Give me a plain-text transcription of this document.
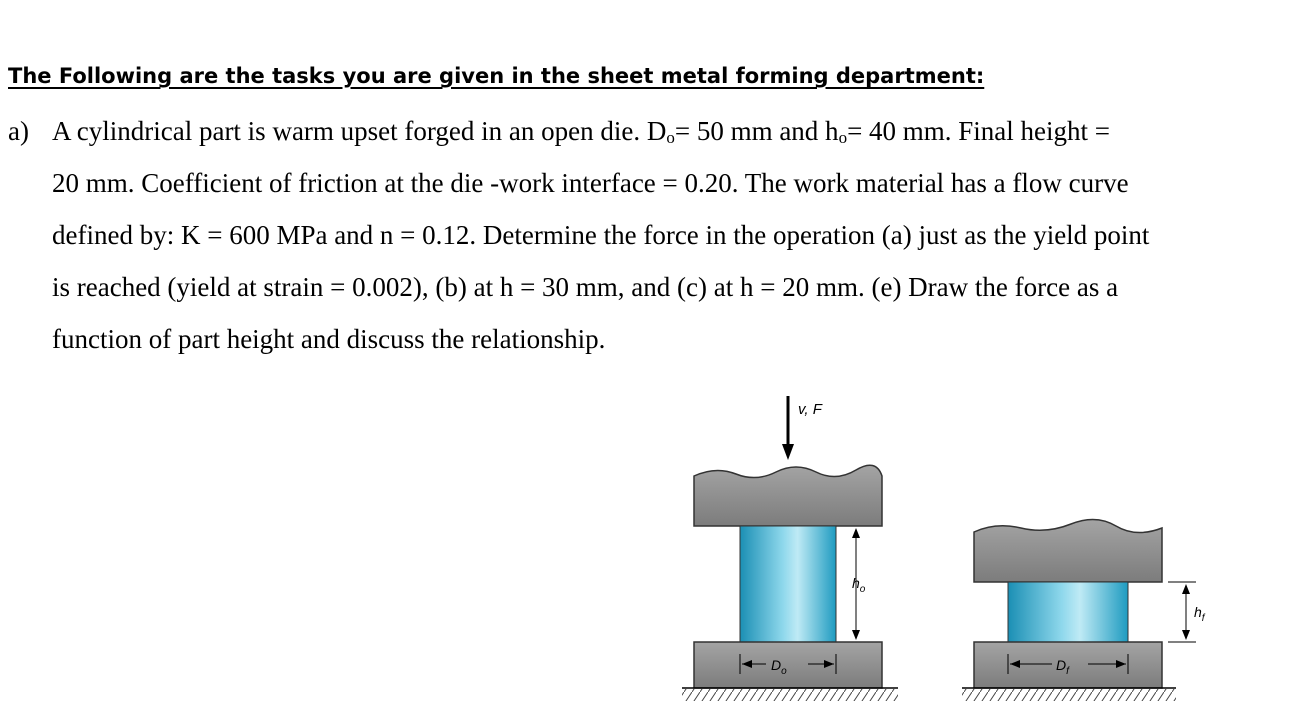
The Following are the tasks you are given in the sheet metal forming department:
a) A cylindrical part is warm upset forged in an open die. $D_o= 50$ mm and $h_o= 40$ mm. Final height =
20 mm. Coefficient of friction at the die -work interface = 0.20. The work material has a flow curve
defined by: K = 600 MPa and n = 0.12. Determine the force in the operation (a) just as the yield point
is reached (yield at strain = 0.002), (b) at h = 30 mm, and (c) at h = 20 mm. (e) Draw the force as a
function of part height and discuss the relationship.
v, F
$h_o$
$D_o$	$D_f$
$h_f$
